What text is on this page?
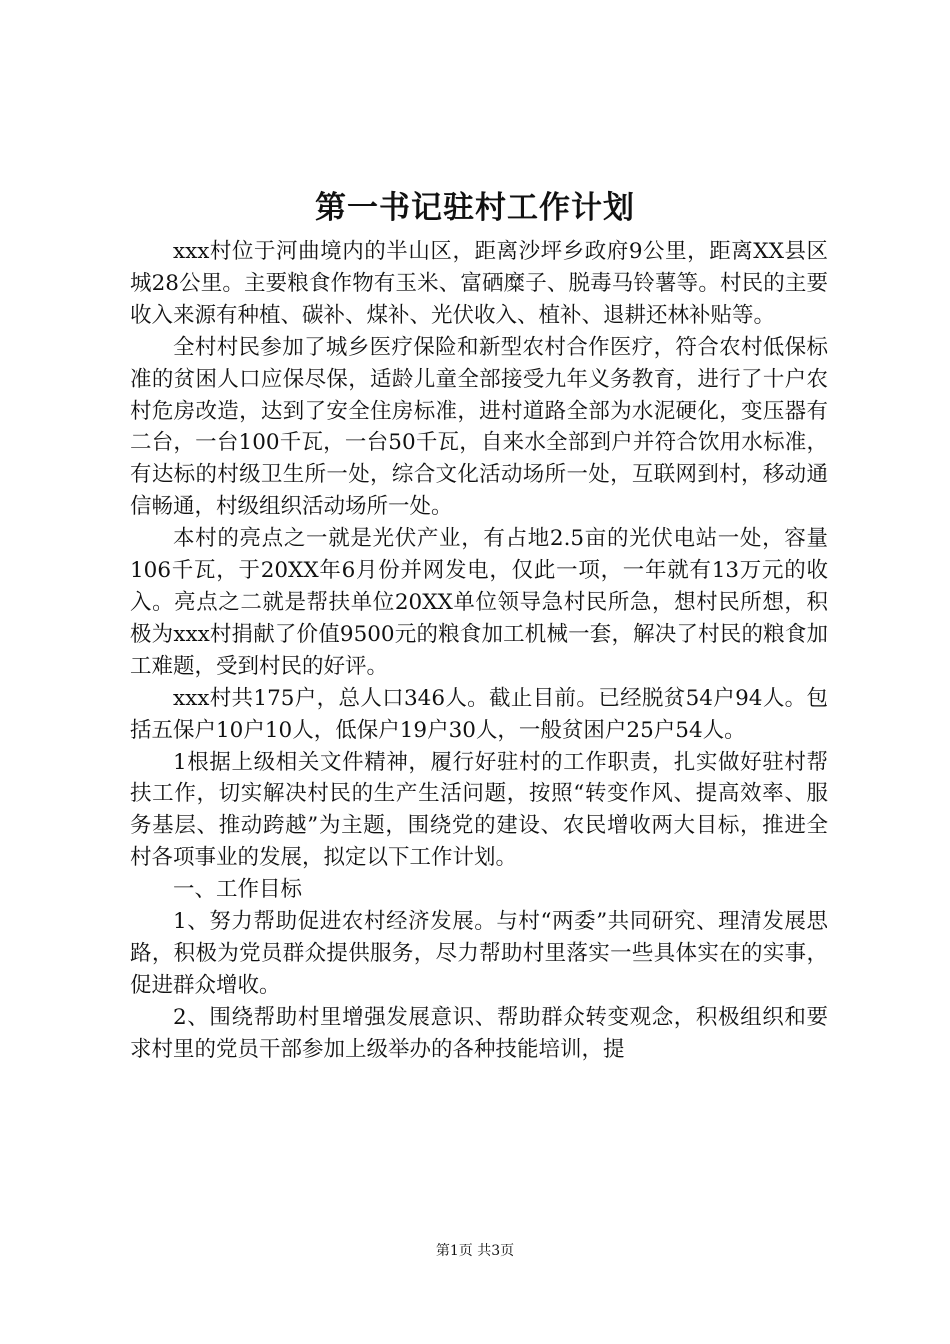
第一书记驻村工作计划

xxx村位于河曲境内的半山区，距离沙坪乡政府9公里，距离XX县区城28公里。主要粮食作物有玉米、富硒糜子、脱毒马铃薯等。村民的主要收入来源有种植、碳补、煤补、光伏收入、植补、退耕还林补贴等。

全村村民参加了城乡医疗保险和新型农村合作医疗，符合农村低保标准的贫困人口应保尽保，适龄儿童全部接受九年义务教育，进行了十户农村危房改造，达到了安全住房标准，进村道路全部为水泥硬化，变压器有二台，一台100千瓦，一台50千瓦，自来水全部到户并符合饮用水标准，有达标的村级卫生所一处，综合文化活动场所一处，互联网到村，移动通信畅通，村级组织活动场所一处。

本村的亮点之一就是光伏产业，有占地2.5亩的光伏电站一处，容量106千瓦，于20XX年6月份并网发电，仅此一项，一年就有13万元的收入。亮点之二就是帮扶单位20XX单位领导急村民所急，想村民所想，积极为xxx村捐献了价值9500元的粮食加工机械一套，解决了村民的粮食加工难题，受到村民的好评。

xxx村共175户，总人口346人。截止目前。已经脱贫54户94人。包括五保户10户10人，低保户19户30人，一般贫困户25户54人。

1根据上级相关文件精神，履行好驻村的工作职责，扎实做好驻村帮扶工作，切实解决村民的生产生活问题，按照“转变作风、提高效率、服务基层、推动跨越”为主题，围绕党的建设、农民增收两大目标，推进全村各项事业的发展，拟定以下工作计划。

一、工作目标

1、努力帮助促进农村经济发展。与村“两委”共同研究、理清发展思路，积极为党员群众提供服务，尽力帮助村里落实一些具体实在的实事，促进群众增收。

2、围绕帮助村里增强发展意识、帮助群众转变观念，积极组织和要求村里的党员干部参加上级举办的各种技能培训，提

第1页 共3页
